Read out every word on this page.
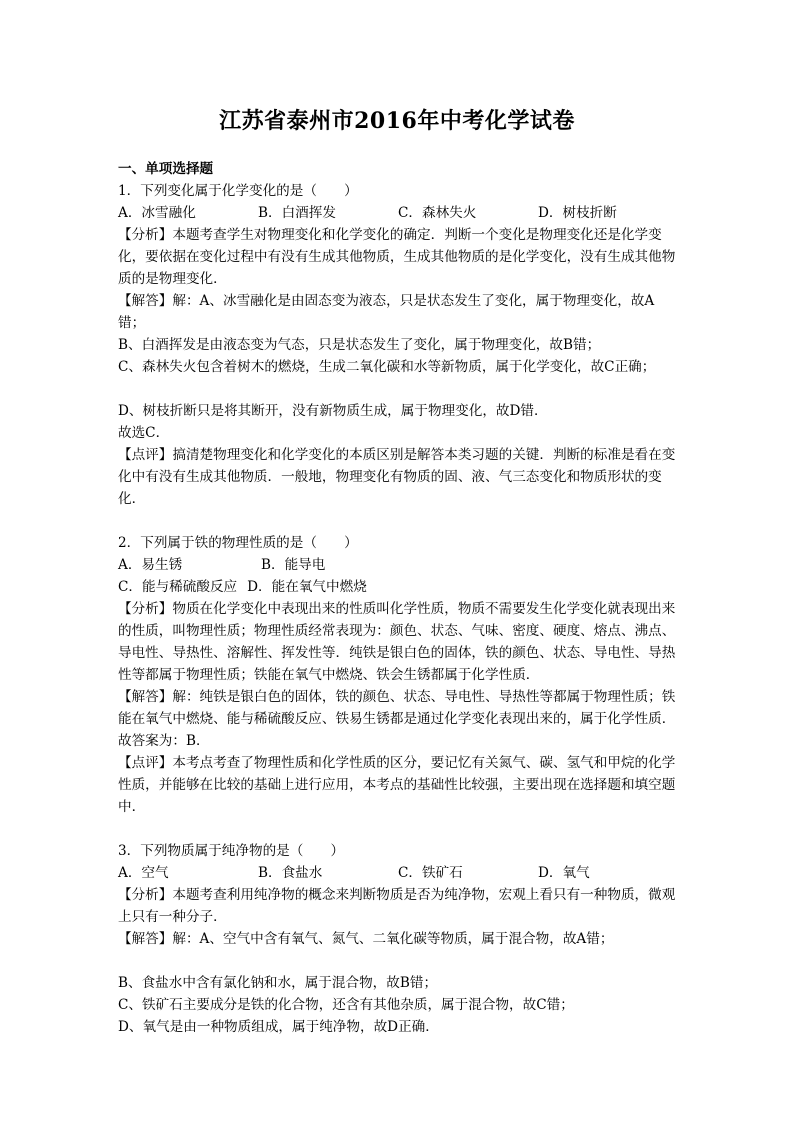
江苏省泰州市2016年中考化学试卷
一、单项选择题
1．下列变化属于化学变化的是（　　）
A．冰雪融化	B．白酒挥发	C．森林失火	D．树枝折断
【分析】本题考查学生对物理变化和化学变化的确定．判断一个变化是物理变化还是化学变化，要依据在变化过程中有没有生成其他物质，生成其他物质的是化学变化，没有生成其他物质的是物理变化．
【解答】解：A、冰雪融化是由固态变为液态，只是状态发生了变化，属于物理变化，故A错；
B、白酒挥发是由液态变为气态，只是状态发生了变化，属于物理变化，故B错；
C、森林失火包含着树木的燃烧，生成二氧化碳和水等新物质，属于化学变化，故C正确；
D、树枝折断只是将其断开，没有新物质生成，属于物理变化，故D错．
故选C．
【点评】搞清楚物理变化和化学变化的本质区别是解答本类习题的关键．判断的标准是看在变化中有没有生成其他物质．一般地，物理变化有物质的固、液、气三态变化和物质形状的变化．
2．下列属于铁的物理性质的是（　　）
A．易生锈	B．能导电
C．能与稀硫酸反应 D．能在氧气中燃烧
【分析】物质在化学变化中表现出来的性质叫化学性质，物质不需要发生化学变化就表现出来的性质，叫物理性质；物理性质经常表现为：颜色、状态、气味、密度、硬度、熔点、沸点、导电性、导热性、溶解性、挥发性等．纯铁是银白色的固体，铁的颜色、状态、导电性、导热性等都属于物理性质；铁能在氧气中燃烧、铁会生锈都属于化学性质．
【解答】解：纯铁是银白色的固体，铁的颜色、状态、导电性、导热性等都属于物理性质；铁能在氧气中燃烧、能与稀硫酸反应、铁易生锈都是通过化学变化表现出来的，属于化学性质．
故答案为：B．
【点评】本考点考查了物理性质和化学性质的区分，要记忆有关氮气、碳、氢气和甲烷的化学性质，并能够在比较的基础上进行应用，本考点的基础性比较强，主要出现在选择题和填空题中．
3．下列物质属于纯净物的是（　　）
A．空气	B．食盐水	C．铁矿石	D．氧气
【分析】本题考查利用纯净物的概念来判断物质是否为纯净物，宏观上看只有一种物质，微观上只有一种分子．
【解答】解：A、空气中含有氧气、氮气、二氧化碳等物质，属于混合物，故A错；
B、食盐水中含有氯化钠和水，属于混合物，故B错；
C、铁矿石主要成分是铁的化合物，还含有其他杂质，属于混合物，故C错；
D、氧气是由一种物质组成，属于纯净物，故D正确．
